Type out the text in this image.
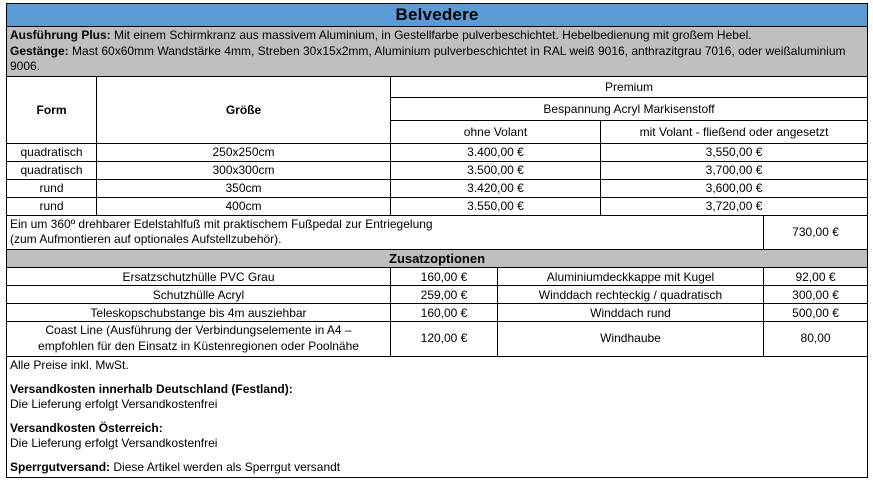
Belvedere					
Ausführung Plus: Mit einem Schirmkranz aus massivem Aluminium, in Gestellfarbe pulverbeschichtet. Hebelbedienung mit großem Hebel.
Gestänge: Mast 60x60mm Wandstärke 4mm, Streben 30x15x2mm, Aluminium pulverbeschichtet in RAL weiß 9016, anthrazitgrau 7016, oder weißaluminium 9006.					
Form	Größe	Premium			
		Bespannung Acryl Markisenstoff			
		ohne Volant		mit Volant - fließend oder angesetzt	
quadratisch	250x250cm	3.400,00 €		3,550,00 €	
quadratisch	300x300cm	3.500,00 €		3,700,00 €	
rund	350cm	3.420,00 €		3,600,00 €	
rund	400cm	3.550,00 €		3,720,00 €	
Ein um 360º drehbarer Edelstahlfuß mit praktischem Fußpedal zur Entriegelung
(zum Aufmontieren auf optionales Aufstellzubehör).					730,00 €
Zusatzoptionen					
Ersatzschutzhülle PVC Grau		160,00 €	Aluminiumdeckkappe mit Kugel		92,00 €
Schutzhülle Acryl		259,00 €	Winddach rechteckig / quadratisch		300,00 €
Teleskopschubstange bis 4m ausziehbar		160,00 €	Winddach rund		500,00 €
Coast Line (Ausführung der Verbindungselemente in A4 –
empfohlen für den Einsatz in Küstenregionen oder Poolnähe		120,00 €	Windhaube		80,00

Alle Preise inkl. MwSt.

Versandkosten innerhalb Deutschland (Festland):

Die Lieferung erfolgt Versandkostenfrei

Versandkosten Österreich:

Die Lieferung erfolgt Versandkostenfrei

Sperrgutversand: Diese Artikel werden als Sperrgut versandt
